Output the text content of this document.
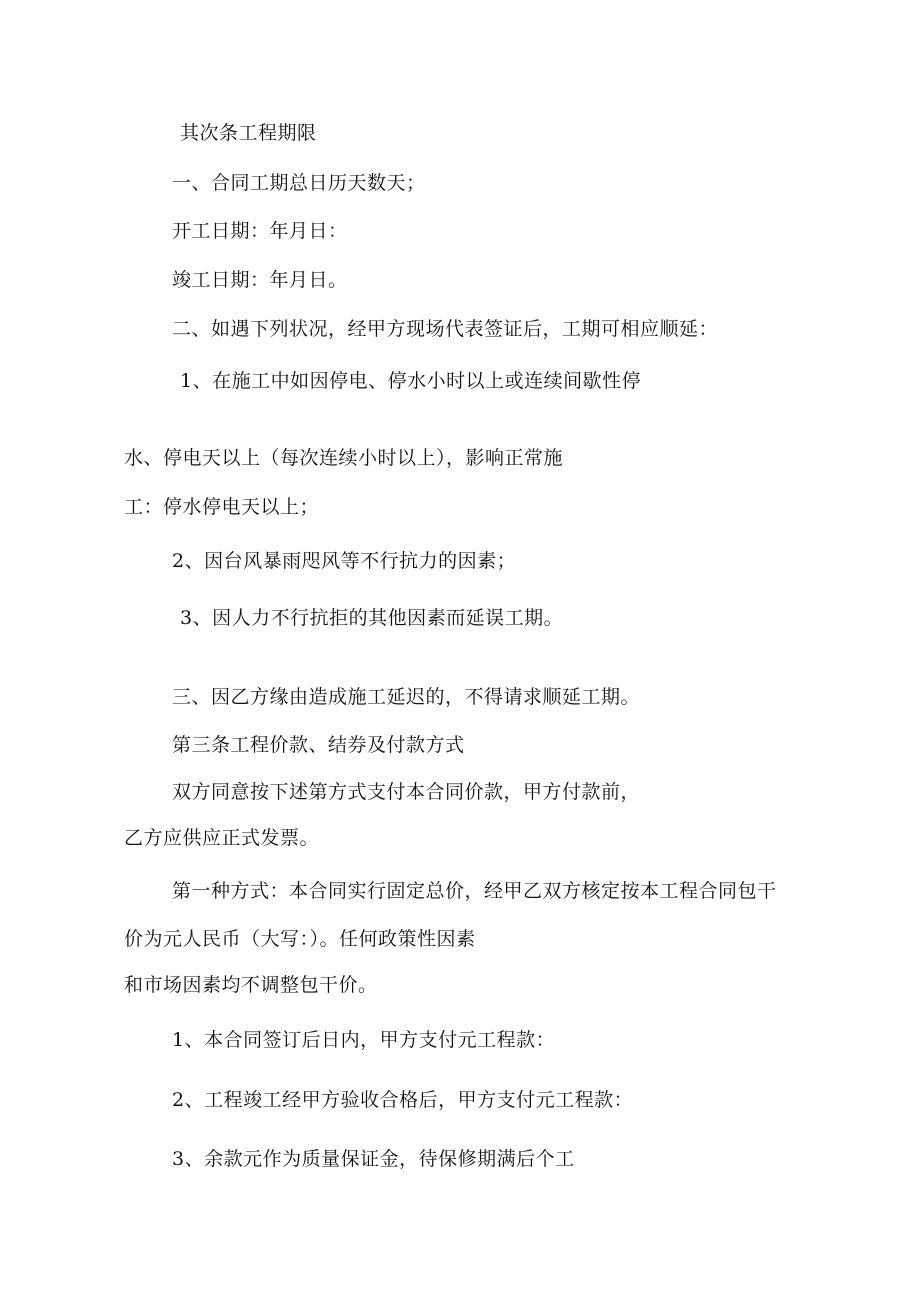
其次条工程期限
一、合同工期总日历天数天；
开工日期：年月日：
竣工日期：年月日。
二、如遇下列状况，经甲方现场代表签证后，工期可相应顺延：
1、在施工中如因停电、停水小时以上或连续间歇性停
水、停电天以上（每次连续小时以上），影响正常施
工：停水停电天以上；
2、因台风暴雨咫风等不行抗力的因素；
3、因人力不行抗拒的其他因素而延误工期。
三、因乙方缘由造成施工延迟的，不得请求顺延工期。
第三条工程价款、结券及付款方式
双方同意按下述第方式支付本合同价款，甲方付款前，
乙方应供应正式发票。
第一种方式：本合同实行固定总价，经甲乙双方核定按本工程合同包干
价为元人民币（大写：）。任何政策性因素
和市场因素均不调整包干价。
1、本合同签订后日内，甲方支付元工程款：
2、工程竣工经甲方验收合格后，甲方支付元工程款：
3、余款元作为质量保证金，待保修期满后个工
